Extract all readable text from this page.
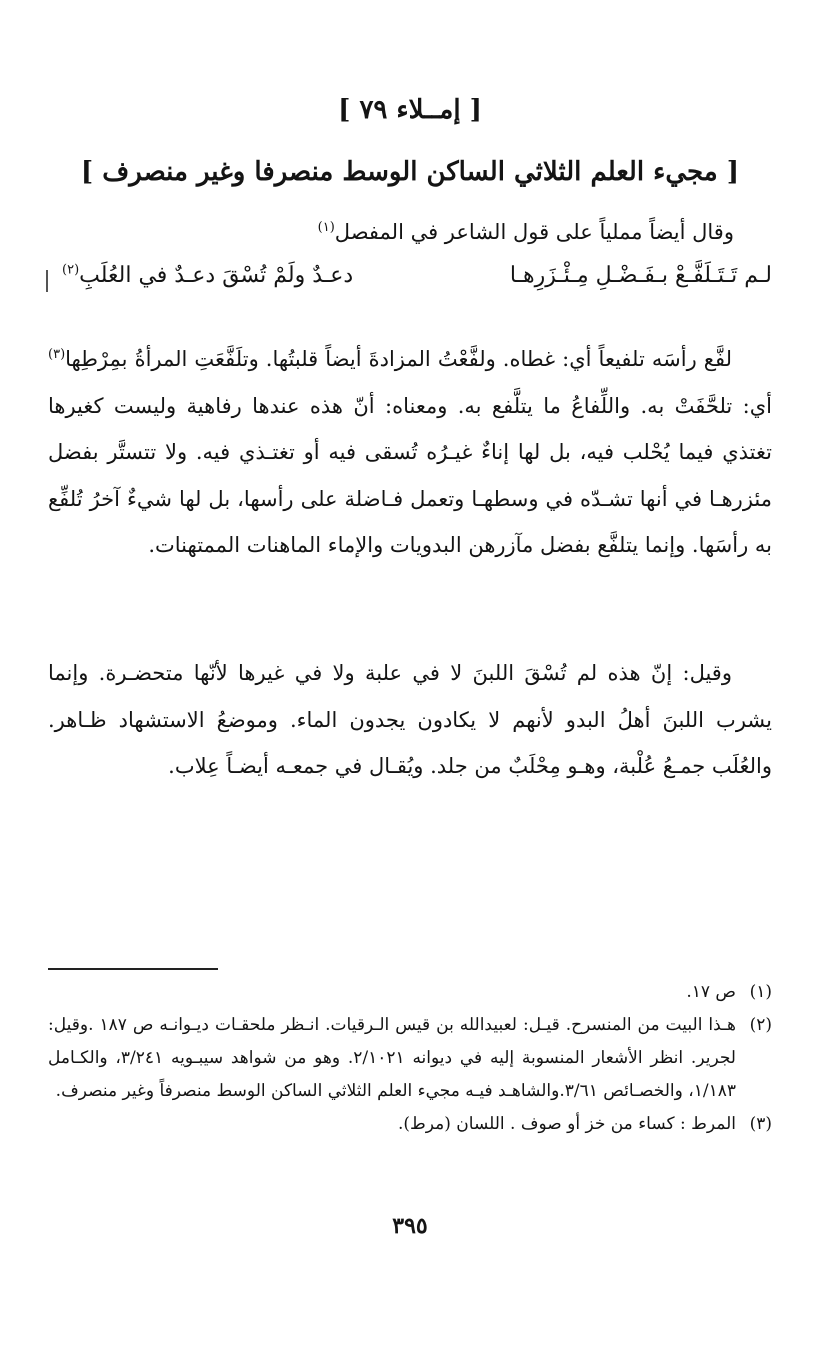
[ إمــلاء ٧٩ ]
[ مجيء العلم الثلاثي الساكن الوسط منصرفا وغير منصرف ]
وقال أيضاً مملياً على قول الشاعر في المفصل$^{(١)}$
لـم تَـتَـلَفَّـعْ بـفَـضْـلِ مِـئْـزَرِهـا
دعـدٌ ولَمْ تُسْقَ دعـدٌ في العُلَبِ$^{(٢)}$
لفَّع رأسَه تلفيعاً أي: غطاه. ولفَّعْتُ المزادةَ أيضاً قلبتُها. وتلَفَّعَتِ المرأةُ بمِرْطِها$^{(٣)}$ أي: تلحَّفَتْ به. واللِّفاعُ ما يتلَّفع به. ومعناه: أنّ هذه عندها رفاهية وليست كغيرها تغتذي فيما يُحْلب فيه، بل لها إناءٌ غيـرُه تُسقى فيه أو تغتـذي فيه. ولا تتستَّر بفضل مئزرهـا في أنها تشـدّه في وسطهـا وتعمل فـاضلة على رأسها، بل لها شيءٌ آخرُ تُلفِّع به رأسَها. وإنما يتلفَّع بفضل مآزرهن البدويات والإماء الماهنات الممتهنات.
وقيل: إنّ هذه لم تُسْقَ اللبنَ لا في علبة ولا في غيرها لأنّها متحضـرة. وإنما يشرب اللبنَ أهلُ البدو لأنهم لا يكادون يجدون الماء. وموضعُ الاستشهاد ظـاهر. والعُلَب جمـعُ عُلْبة، وهـو مِحْلَبٌ من جلد. ويُقـال في جمعـه أيضـاً عِلاب.

(١)ص ١٧.

(٢)هـذا البيت من المنسرح. قيـل: لعبيدالله بن قيس الـرقيات. انـظر ملحقـات ديـوانـه ص ١٨٧ .وقيل: لجرير. انظر الأشعار المنسوبة إليه في ديوانه ٢/١٠٢١. وهو من شواهد سيبـويه ٣/٢٤١، والكـامل ١/١٨٣، والخصـائص ٣/٦١.والشاهـد فيـه مجيء العلم الثلاثي الساكن الوسط منصرفاً وغير منصرف.

(٣)المرط : كساء من خز أو صوف . اللسان (مرط).

٣٩٥
